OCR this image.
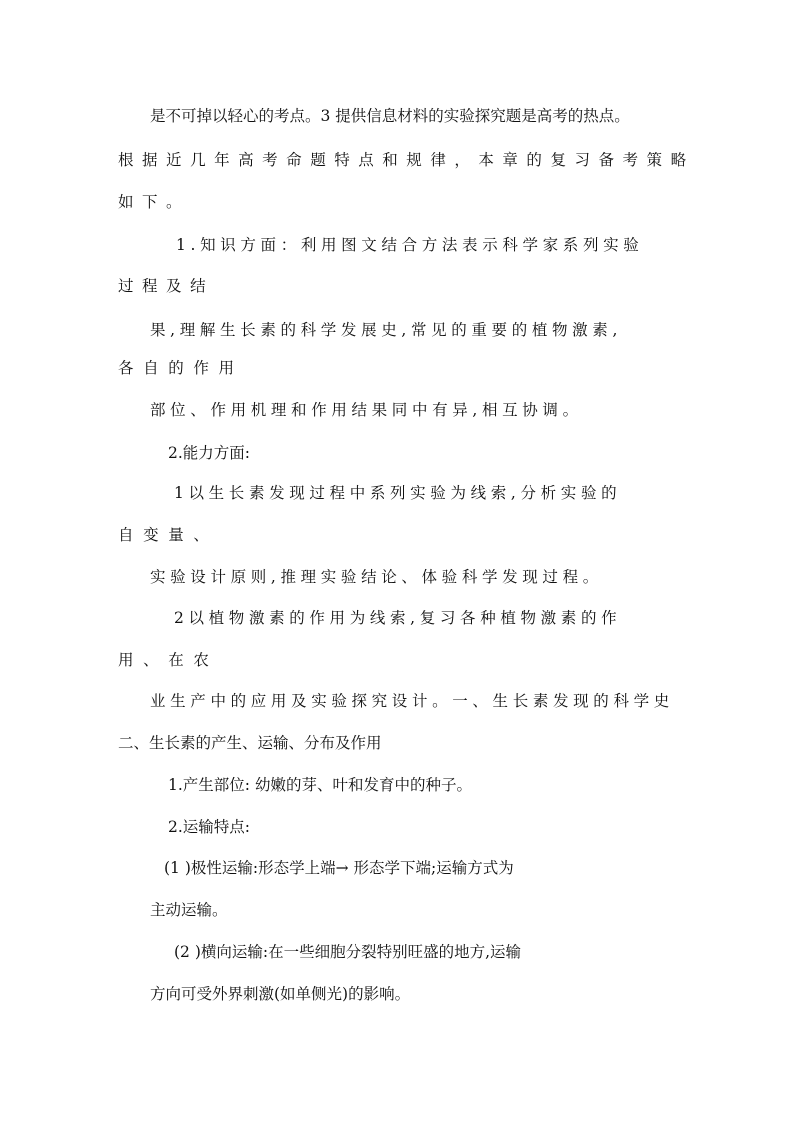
是不可掉以轻心的考点。3 提供信息材料的实验探究题是高考的热点。
根据近几年高考命题特点和规律，本章的复习备考策略
如下。
1.知识方面：利用图文结合方法表示科学家系列实验
过程及结
果,理解生长素的科学发展史,常见的重要的植物激素,
各自的作用
部位、作用机理和作用结果同中有异,相互协调。
2.能力方面:
1以生长素发现过程中系列实验为线索,分析实验的
自变量、
实验设计原则,推理实验结论、体验科学发现过程。
2以植物激素的作用为线索,复习各种植物激素的作
用、在农
业生产中的应用及实验探究设计。一、生长素发现的科学史
二、生长素的产生、运输、分布及作用
1.产生部位: 幼嫩的芽、叶和发育中的种子。
2.运输特点:
(1 )极性运输:形态学上端→ 形态学下端;运输方式为
主动运输。
(2 )横向运输:在一些细胞分裂特别旺盛的地方,运输
方向可受外界刺激(如单侧光)的影响。
